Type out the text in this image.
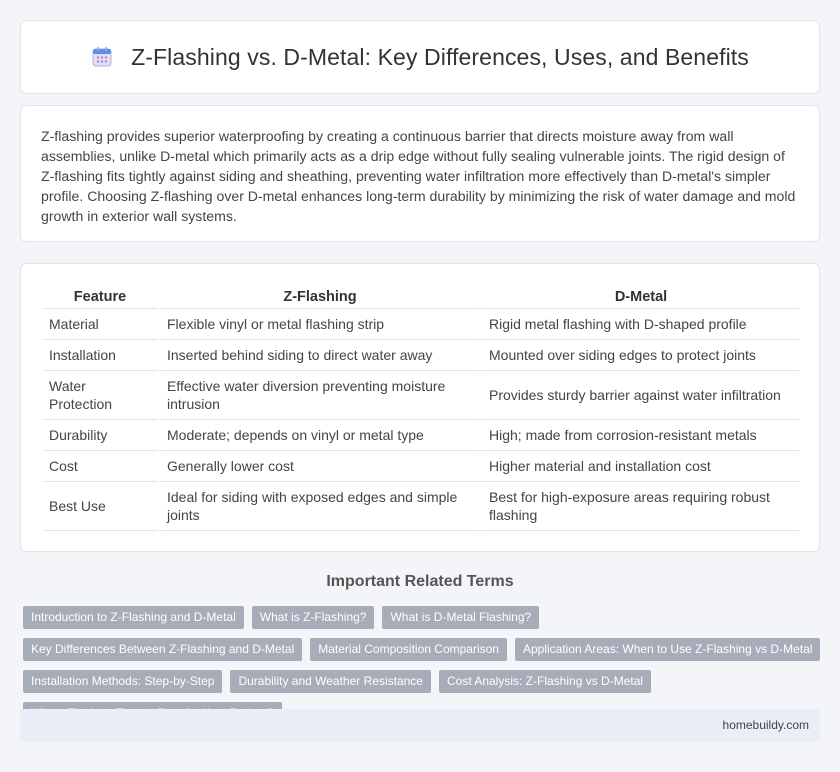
Z-Flashing vs. D-Metal: Key Differences, Uses, and Benefits

Z-flashing provides superior waterproofing by creating a continuous barrier that directs moisture away from wall assemblies, unlike D-metal which primarily acts as a drip edge without fully sealing vulnerable joints. The rigid design of Z-flashing fits tightly against siding and sheathing, preventing water infiltration more effectively than D-metal's simpler profile. Choosing Z-flashing over D-metal enhances long-term durability by minimizing the risk of water damage and mold growth in exterior wall systems.

Feature	Z-Flashing	D-Metal
Material	Flexible vinyl or metal flashing strip	Rigid metal flashing with D-shaped profile
Installation	Inserted behind siding to direct water away	Mounted over siding edges to protect joints
Water Protection	Effective water diversion preventing moisture intrusion	Provides sturdy barrier against water infiltration
Durability	Moderate; depends on vinyl or metal type	High; made from corrosion-resistant metals
Cost	Generally lower cost	Higher material and installation cost
Best Use	Ideal for siding with exposed edges and simple joints	Best for high-exposure areas requiring robust flashing
Important Related Terms
Introduction to Z-Flashing and D-Metal	What is Z-Flashing?	What is D-Metal Flashing?
Key Differences Between Z-Flashing and D-Metal	Material Composition Comparison	Application Areas: When to Use Z-Flashing vs D-Metal
Installation Methods: Step-by-Step	Durability and Weather Resistance	Cost Analysis: Z-Flashing vs D-Metal
homebuildy.com
